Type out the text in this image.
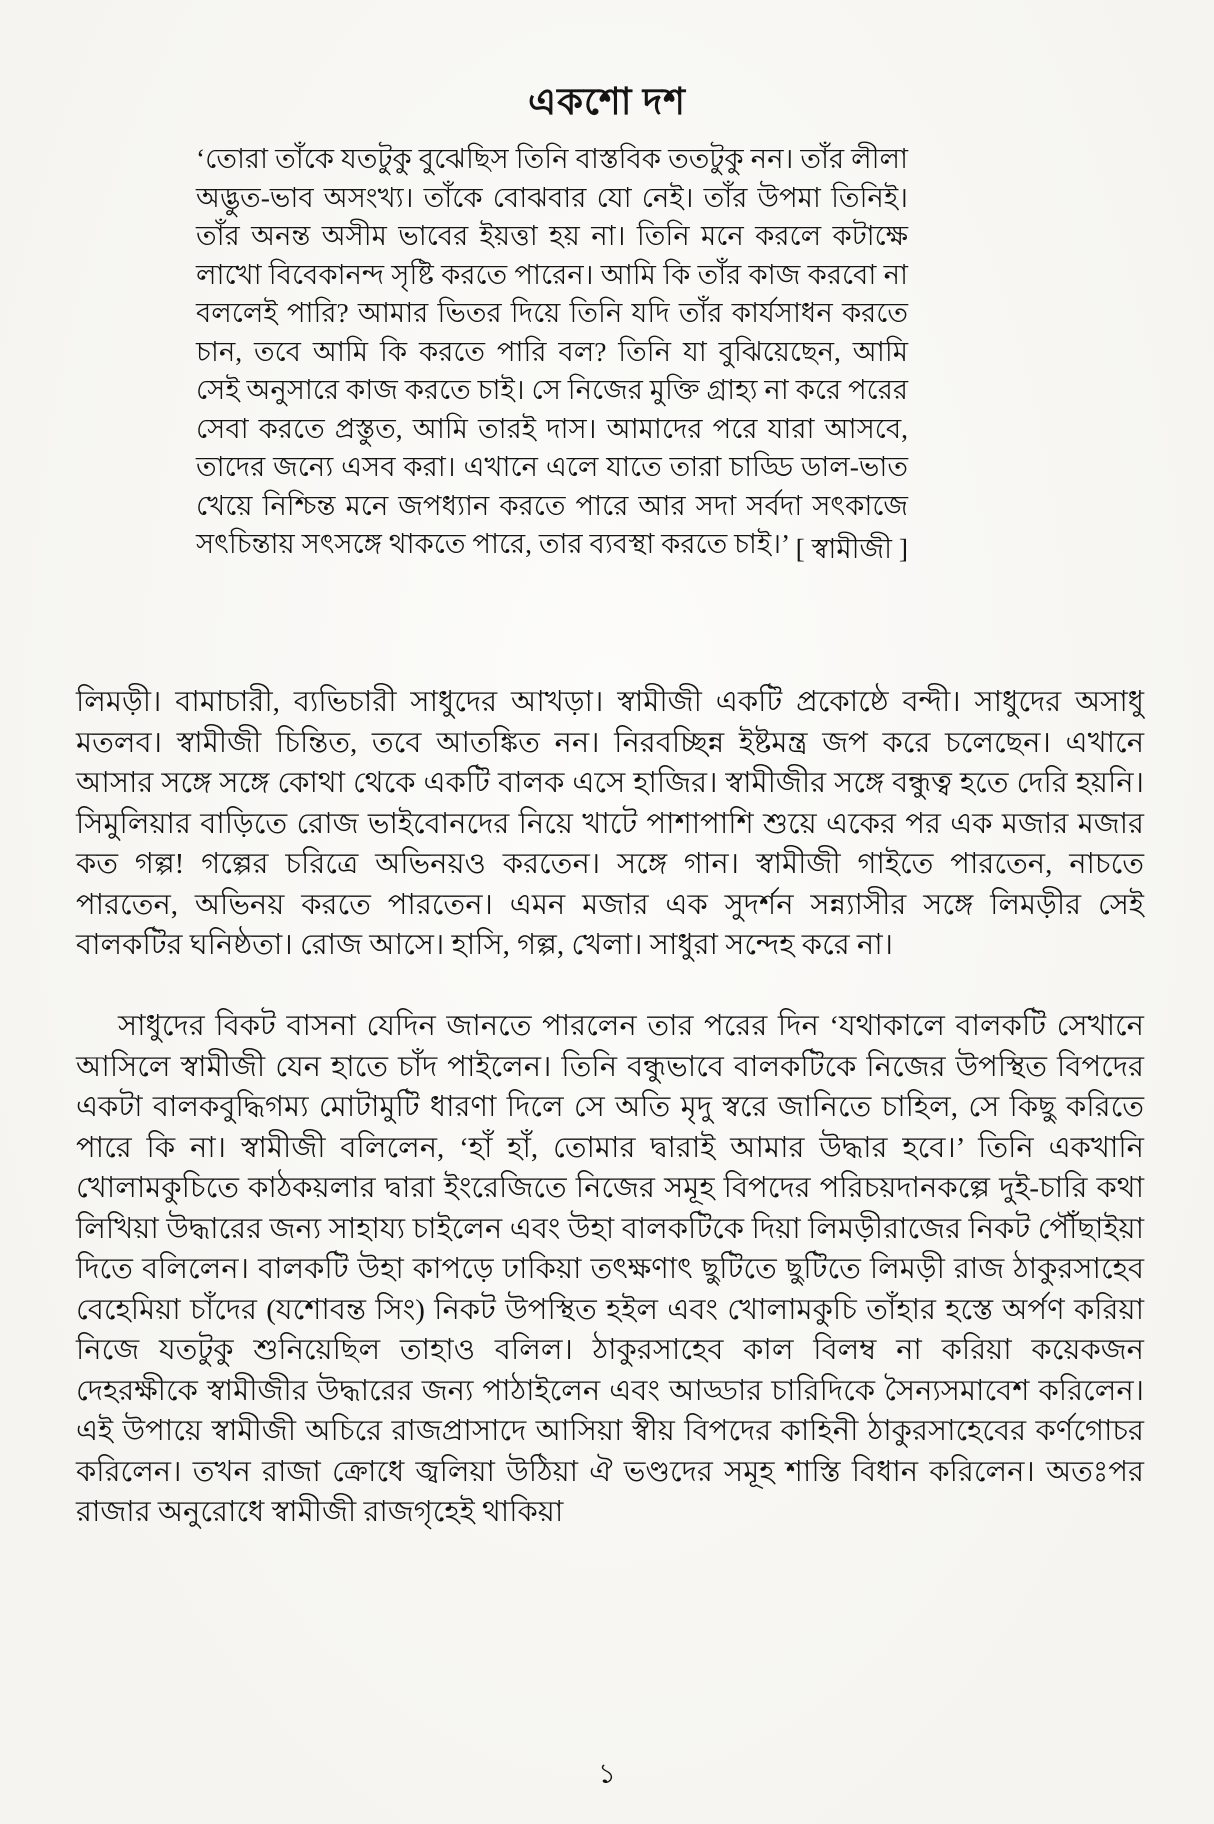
একশো দশ
‘তোরা তাঁকে যতটুকু বুঝেছিস তিনি বাস্তবিক ততটুকু নন। তাঁর লীলা অদ্ভুত-ভাব অসংখ্য। তাঁকে বোঝবার যো নেই। তাঁর উপমা তিনিই। তাঁর অনন্ত অসীম ভাবের ইয়ত্তা হয় না। তিনি মনে করলে কটাক্ষে লাখো বিবেকানন্দ সৃষ্টি করতে পারেন। আমি কি তাঁর কাজ করবো না বললেই পারি? আমার ভিতর দিয়ে তিনি যদি তাঁর কার্যসাধন করতে চান, তবে আমি কি করতে পারি বল? তিনি যা বুঝিয়েছেন, আমি সেই অনুসারে কাজ করতে চাই। সে নিজের মুক্তি গ্রাহ্য না করে পরের সেবা করতে প্রস্তুত, আমি তারই দাস। আমাদের পরে যারা আসবে, তাদের জন্যে এসব করা। এখানে এলে যাতে তারা চাড্ডি ডাল-ভাত খেয়ে নিশ্চিন্ত মনে জপধ্যান করতে পারে আর সদা সর্বদা সৎকাজে সৎচিন্তায় সৎসঙ্গে থাকতে পারে, তার ব্যবস্থা করতে চাই।’ [ স্বামীজী ]
লিমড়ী। বামাচারী, ব্যভিচারী সাধুদের আখড়া। স্বামীজী একটি প্রকোষ্ঠে বন্দী। সাধুদের অসাধু মতলব। স্বামীজী চিন্তিত, তবে আতঙ্কিত নন। নিরবচ্ছিন্ন ইষ্টমন্ত্র জপ করে চলেছেন। এখানে আসার সঙ্গে সঙ্গে কোথা থেকে একটি বালক এসে হাজির। স্বামীজীর সঙ্গে বন্ধুত্ব হতে দেরি হয়নি। সিমুলিয়ার বাড়িতে রোজ ভাইবোনদের নিয়ে খাটে পাশাপাশি শুয়ে একের পর এক মজার মজার কত গল্প! গল্পের চরিত্রে অভিনয়ও করতেন। সঙ্গে গান। স্বামীজী গাইতে পারতেন, নাচতে পারতেন, অভিনয় করতে পারতেন। এমন মজার এক সুদর্শন সন্ন্যাসীর সঙ্গে লিমড়ীর সেই বালকটির ঘনিষ্ঠতা। রোজ আসে। হাসি, গল্প, খেলা। সাধুরা সন্দেহ করে না।
সাধুদের বিকট বাসনা যেদিন জানতে পারলেন তার পরের দিন ‘যথাকালে বালকটি সেখানে আসিলে স্বামীজী যেন হাতে চাঁদ পাইলেন। তিনি বন্ধুভাবে বালকটিকে নিজের উপস্থিত বিপদের একটা বালকবুদ্ধিগম্য মোটামুটি ধারণা দিলে সে অতি মৃদু স্বরে জানিতে চাহিল, সে কিছু করিতে পারে কি না। স্বামীজী বলিলেন, ‘হাঁ হাঁ, তোমার দ্বারাই আমার উদ্ধার হবে।’ তিনি একখানি খোলামকুচিতে কাঠকয়লার দ্বারা ইংরেজিতে নিজের সমূহ বিপদের পরিচয়দানকল্পে দুই-চারি কথা লিখিয়া উদ্ধারের জন্য সাহায্য চাইলেন এবং উহা বালকটিকে দিয়া লিমড়ীরাজের নিকট পৌঁছাইয়া দিতে বলিলেন। বালকটি উহা কাপড়ে ঢাকিয়া তৎক্ষণাৎ ছুটিতে ছুটিতে লিমড়ী রাজ ঠাকুরসাহেব বেহেমিয়া চাঁদের (যশোবন্ত সিং) নিকট উপস্থিত হইল এবং খোলামকুচি তাঁহার হস্তে অর্পণ করিয়া নিজে যতটুকু শুনিয়েছিল তাহাও বলিল। ঠাকুরসাহেব কাল বিলম্ব না করিয়া কয়েকজন দেহরক্ষীকে স্বামীজীর উদ্ধারের জন্য পাঠাইলেন এবং আড্ডার চারিদিকে সৈন্যসমাবেশ করিলেন। এই উপায়ে স্বামীজী অচিরে রাজপ্রাসাদে আসিয়া স্বীয় বিপদের কাহিনী ঠাকুরসাহেবের কর্ণগোচর করিলেন। তখন রাজা ক্রোধে জ্বলিয়া উঠিয়া ঐ ভণ্ডদের সমূহ শাস্তি বিধান করিলেন। অতঃপর রাজার অনুরোধে স্বামীজী রাজগৃহেই থাকিয়া
১
